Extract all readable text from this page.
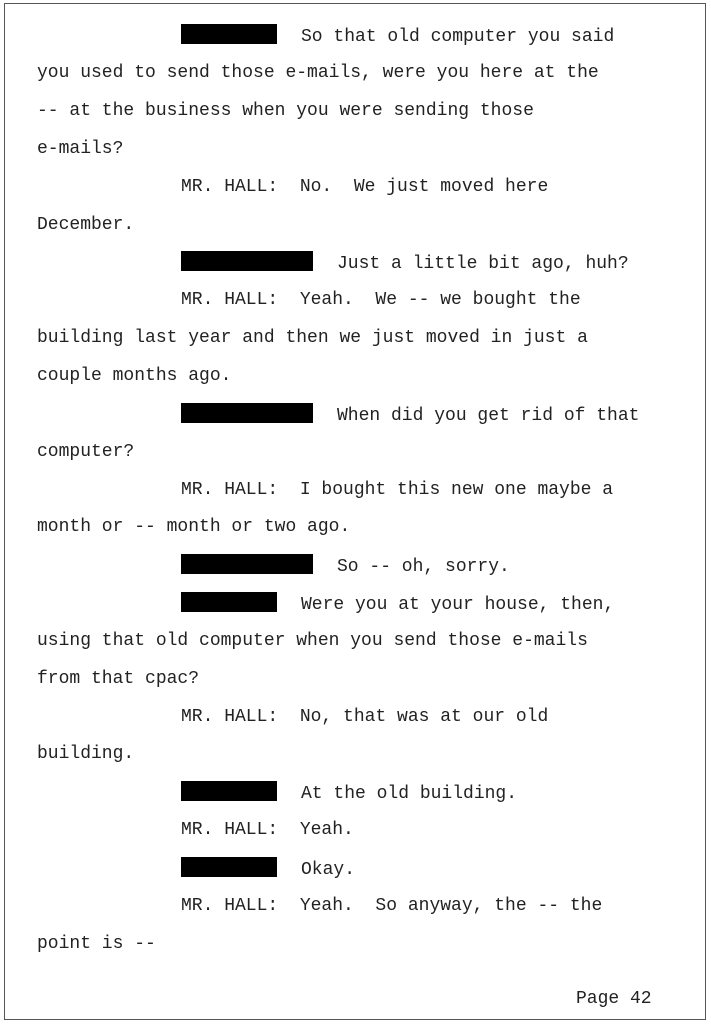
So that old computer you said
you used to send those e-mails, were you here at the
-- at the business when you were sending those
e-mails?
MR. HALL:  No.  We just moved here
December.
Just a little bit ago, huh?
MR. HALL:  Yeah.  We -- we bought the
building last year and then we just moved in just a
couple months ago.
When did you get rid of that
computer?
MR. HALL:  I bought this new one maybe a
month or -- month or two ago.
So -- oh, sorry.
Were you at your house, then,
using that old computer when you send those e-mails
from that cpac?
MR. HALL:  No, that was at our old
building.
At the old building.
MR. HALL:  Yeah.
Okay.
MR. HALL:  Yeah.  So anyway, the -- the
point is --
Page 42
